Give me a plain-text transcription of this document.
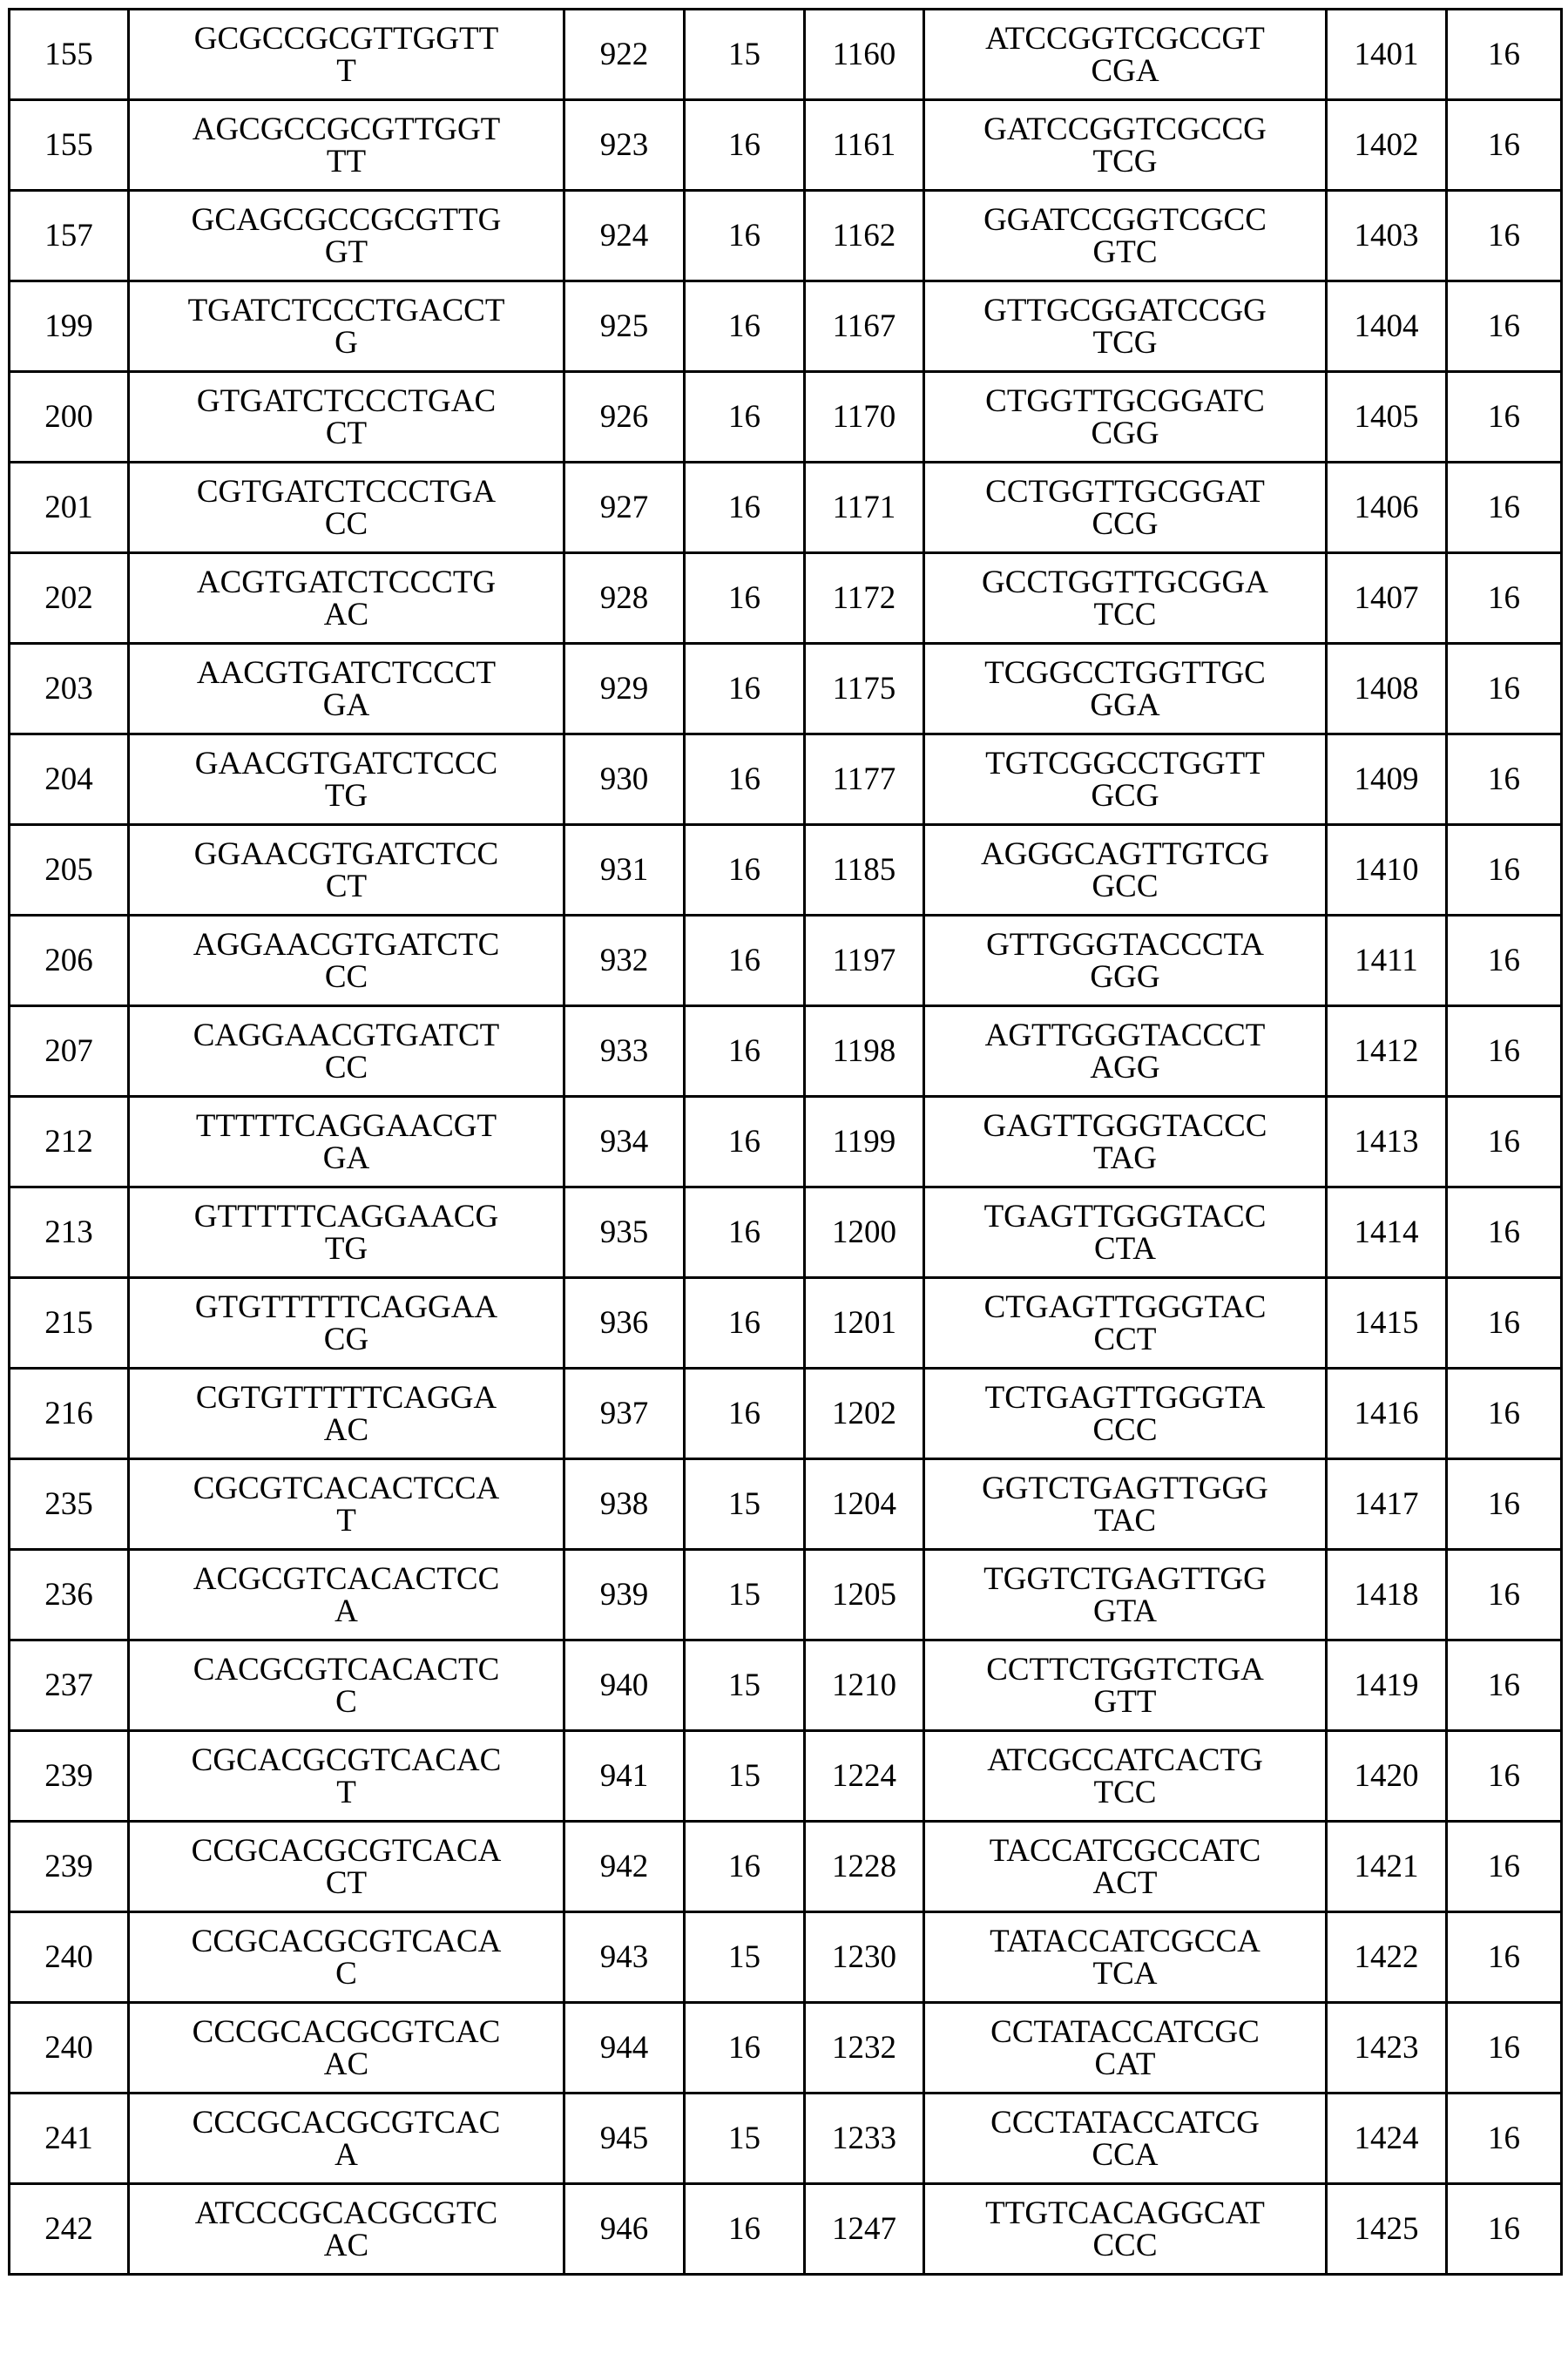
155	GCGCCGCGTTGGTT
T	922	15	1160	ATCCGGTCGCCGT
CGA	1401	16
155	AGCGCCGCGTTGGT
TT	923	16	1161	GATCCGGTCGCCG
TCG	1402	16
157	GCAGCGCCGCGTTG
GT	924	16	1162	GGATCCGGTCGCC
GTC	1403	16
199	TGATCTCCCTGACCT
G	925	16	1167	GTTGCGGATCCGG
TCG	1404	16
200	GTGATCTCCCTGAC
CT	926	16	1170	CTGGTTGCGGATC
CGG	1405	16
201	CGTGATCTCCCTGA
CC	927	16	1171	CCTGGTTGCGGAT
CCG	1406	16
202	ACGTGATCTCCCTG
AC	928	16	1172	GCCTGGTTGCGGA
TCC	1407	16
203	AACGTGATCTCCCT
GA	929	16	1175	TCGGCCTGGTTGC
GGA	1408	16
204	GAACGTGATCTCCC
TG	930	16	1177	TGTCGGCCTGGTT
GCG	1409	16
205	GGAACGTGATCTCC
CT	931	16	1185	AGGGCAGTTGTCG
GCC	1410	16
206	AGGAACGTGATCTC
CC	932	16	1197	GTTGGGTACCCTA
GGG	1411	16
207	CAGGAACGTGATCT
CC	933	16	1198	AGTTGGGTACCCT
AGG	1412	16
212	TTTTTCAGGAACGT
GA	934	16	1199	GAGTTGGGTACCC
TAG	1413	16
213	GTTTTTCAGGAACG
TG	935	16	1200	TGAGTTGGGTACC
CTA	1414	16
215	GTGTTTTTCAGGAA
CG	936	16	1201	CTGAGTTGGGTAC
CCT	1415	16
216	CGTGTTTTTCAGGA
AC	937	16	1202	TCTGAGTTGGGTA
CCC	1416	16
235	CGCGTCACACTCCA
T	938	15	1204	GGTCTGAGTTGGG
TAC	1417	16
236	ACGCGTCACACTCC
A	939	15	1205	TGGTCTGAGTTGG
GTA	1418	16
237	CACGCGTCACACTC
C	940	15	1210	CCTTCTGGTCTGA
GTT	1419	16
239	CGCACGCGTCACAC
T	941	15	1224	ATCGCCATCACTG
TCC	1420	16
239	CCGCACGCGTCACA
CT	942	16	1228	TACCATCGCCATC
ACT	1421	16
240	CCGCACGCGTCACA
C	943	15	1230	TATACCATCGCCA
TCA	1422	16
240	CCCGCACGCGTCAC
AC	944	16	1232	CCTATACCATCGC
CAT	1423	16
241	CCCGCACGCGTCAC
A	945	15	1233	CCCTATACCATCG
CCA	1424	16
242	ATCCCGCACGCGTC
AC	946	16	1247	TTGTCACAGGCAT
CCC	1425	16
